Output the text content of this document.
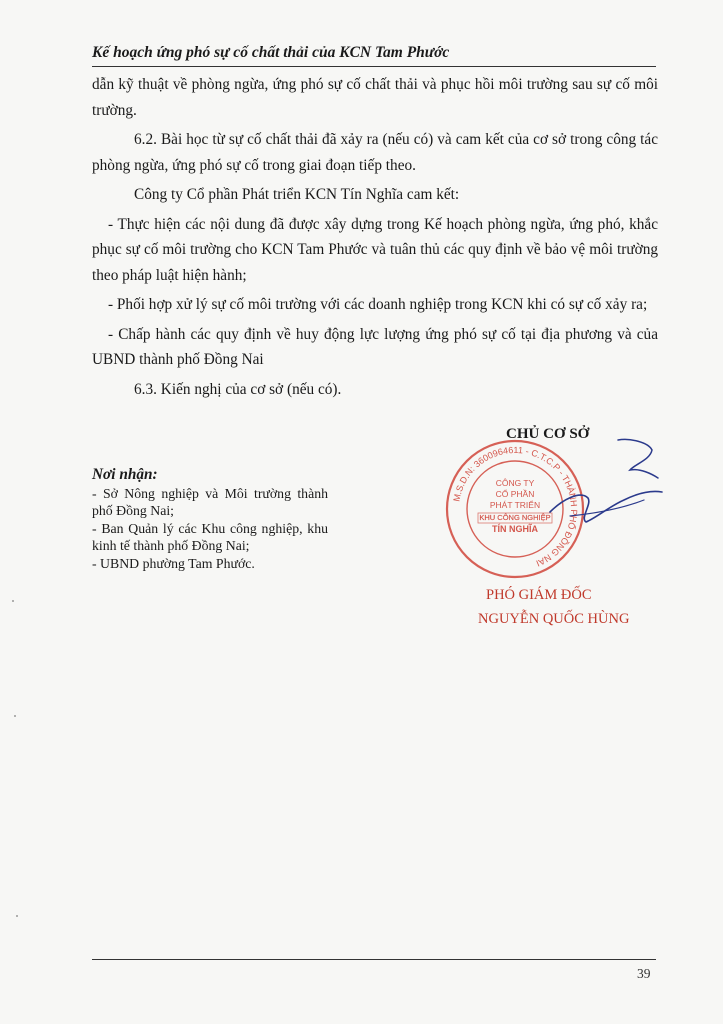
Kế hoạch ứng phó sự cố chất thải của KCN Tam Phước

dẫn kỹ thuật về phòng ngừa, ứng phó sự cố chất thải và phục hồi môi trường sau sự cố môi trường.

6.2. Bài học từ sự cố chất thải đã xảy ra (nếu có) và cam kết của cơ sở trong công tác phòng ngừa, ứng phó sự cố trong giai đoạn tiếp theo.

Công ty Cổ phần Phát triển KCN Tín Nghĩa cam kết:

- Thực hiện các nội dung đã được xây dựng trong Kế hoạch phòng ngừa, ứng phó, khắc phục sự cố môi trường cho KCN Tam Phước và tuân thủ các quy định về bảo vệ môi trường theo pháp luật hiện hành;

- Phối hợp xử lý sự cố môi trường với các doanh nghiệp trong KCN khi có sự cố xảy ra;

- Chấp hành các quy định về huy động lực lượng ứng phó sự cố tại địa phương và của UBND thành phố Đồng Nai

6.3. Kiến nghị của cơ sở (nếu có).

Nơi nhận:

- Sở Nông nghiệp và Môi trường thành phố Đồng Nai;

- Ban Quản lý các Khu công nghiệp, khu kinh tế thành phố Đồng Nai;

- UBND phường Tam Phước.

M.S.D.N: 3600964611 - C.T.C.P - THÀNH PHỐ ĐỒNG NAI
CÔNG TY
CỔ PHẦN
PHÁT TRIỂN
KHU CÔNG NGHIỆP
TÍN NGHĨA
CHỦ CƠ SỞ
PHÓ GIÁM ĐỐC
NGUYỄN QUỐC HÙNG
39
